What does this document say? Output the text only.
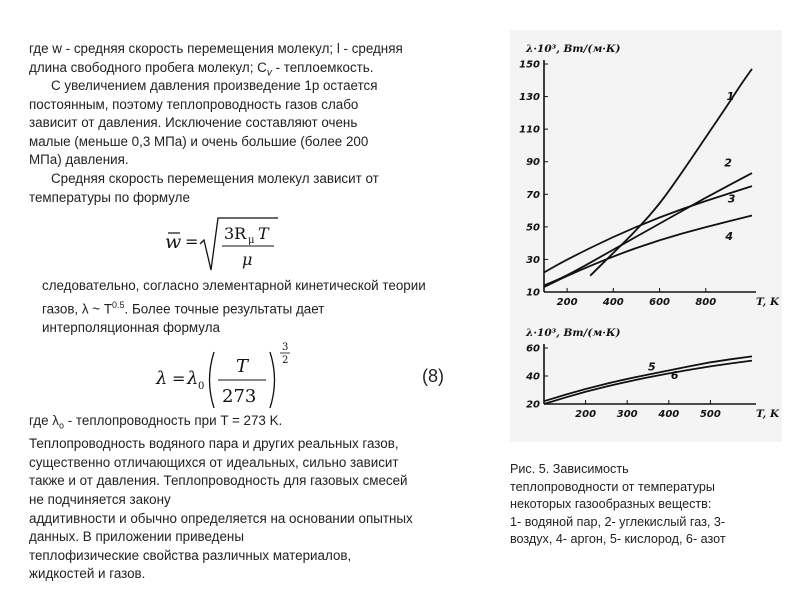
где w - средняя скорость перемещения молекул; l - средняя
длина свободного пробега молекул; $C_v$ - теплоемкость.

С увеличением давления произведение 1р остается
постоянным, поэтому теплопроводность газов слабо
зависит от давления. Исключение составляют очень
малые (меньше 0,3 МПа) и очень большие (более 200
МПа) давления.

Средняя скорость перемещения молекул зависит от
температуры по формуле

w = 3R μ T
μ

следовательно, согласно элементарной кинетической теории
газов, λ ~ $T^{0.5}$. Более точные результаты дает
интерполяционная формула

λ = λ 0
T
273
3
2
(8)

где $\lambda_o$ - теплопроводность при T = 273 K.
Теплопроводность водяного пара и других реальных газов,
существенно отличающихся от идеальных, сильно зависит
также и от давления. Теплопроводность для газовых смесей
не подчиняется закону
аддитивности и обычно определяется на основании опытных
данных. В приложении приведены
теплофизические свойства различных материалов,
жидкостей и газов.

λ·10³, Вт/(м·К)
10
30
50
70
90
110
130
150
200	400	600	800	T, K
1
2
3
4
λ·10³, Вт/(м·К)
20
40
60
200 300 400 500	T, K
5
6
Рис. 5. Зависимость
теплопроводности от температуры
некоторых газообразных веществ:
1- водяной пар, 2- углекислый газ, 3-
воздух, 4- аргон, 5- кислород, 6- азот
